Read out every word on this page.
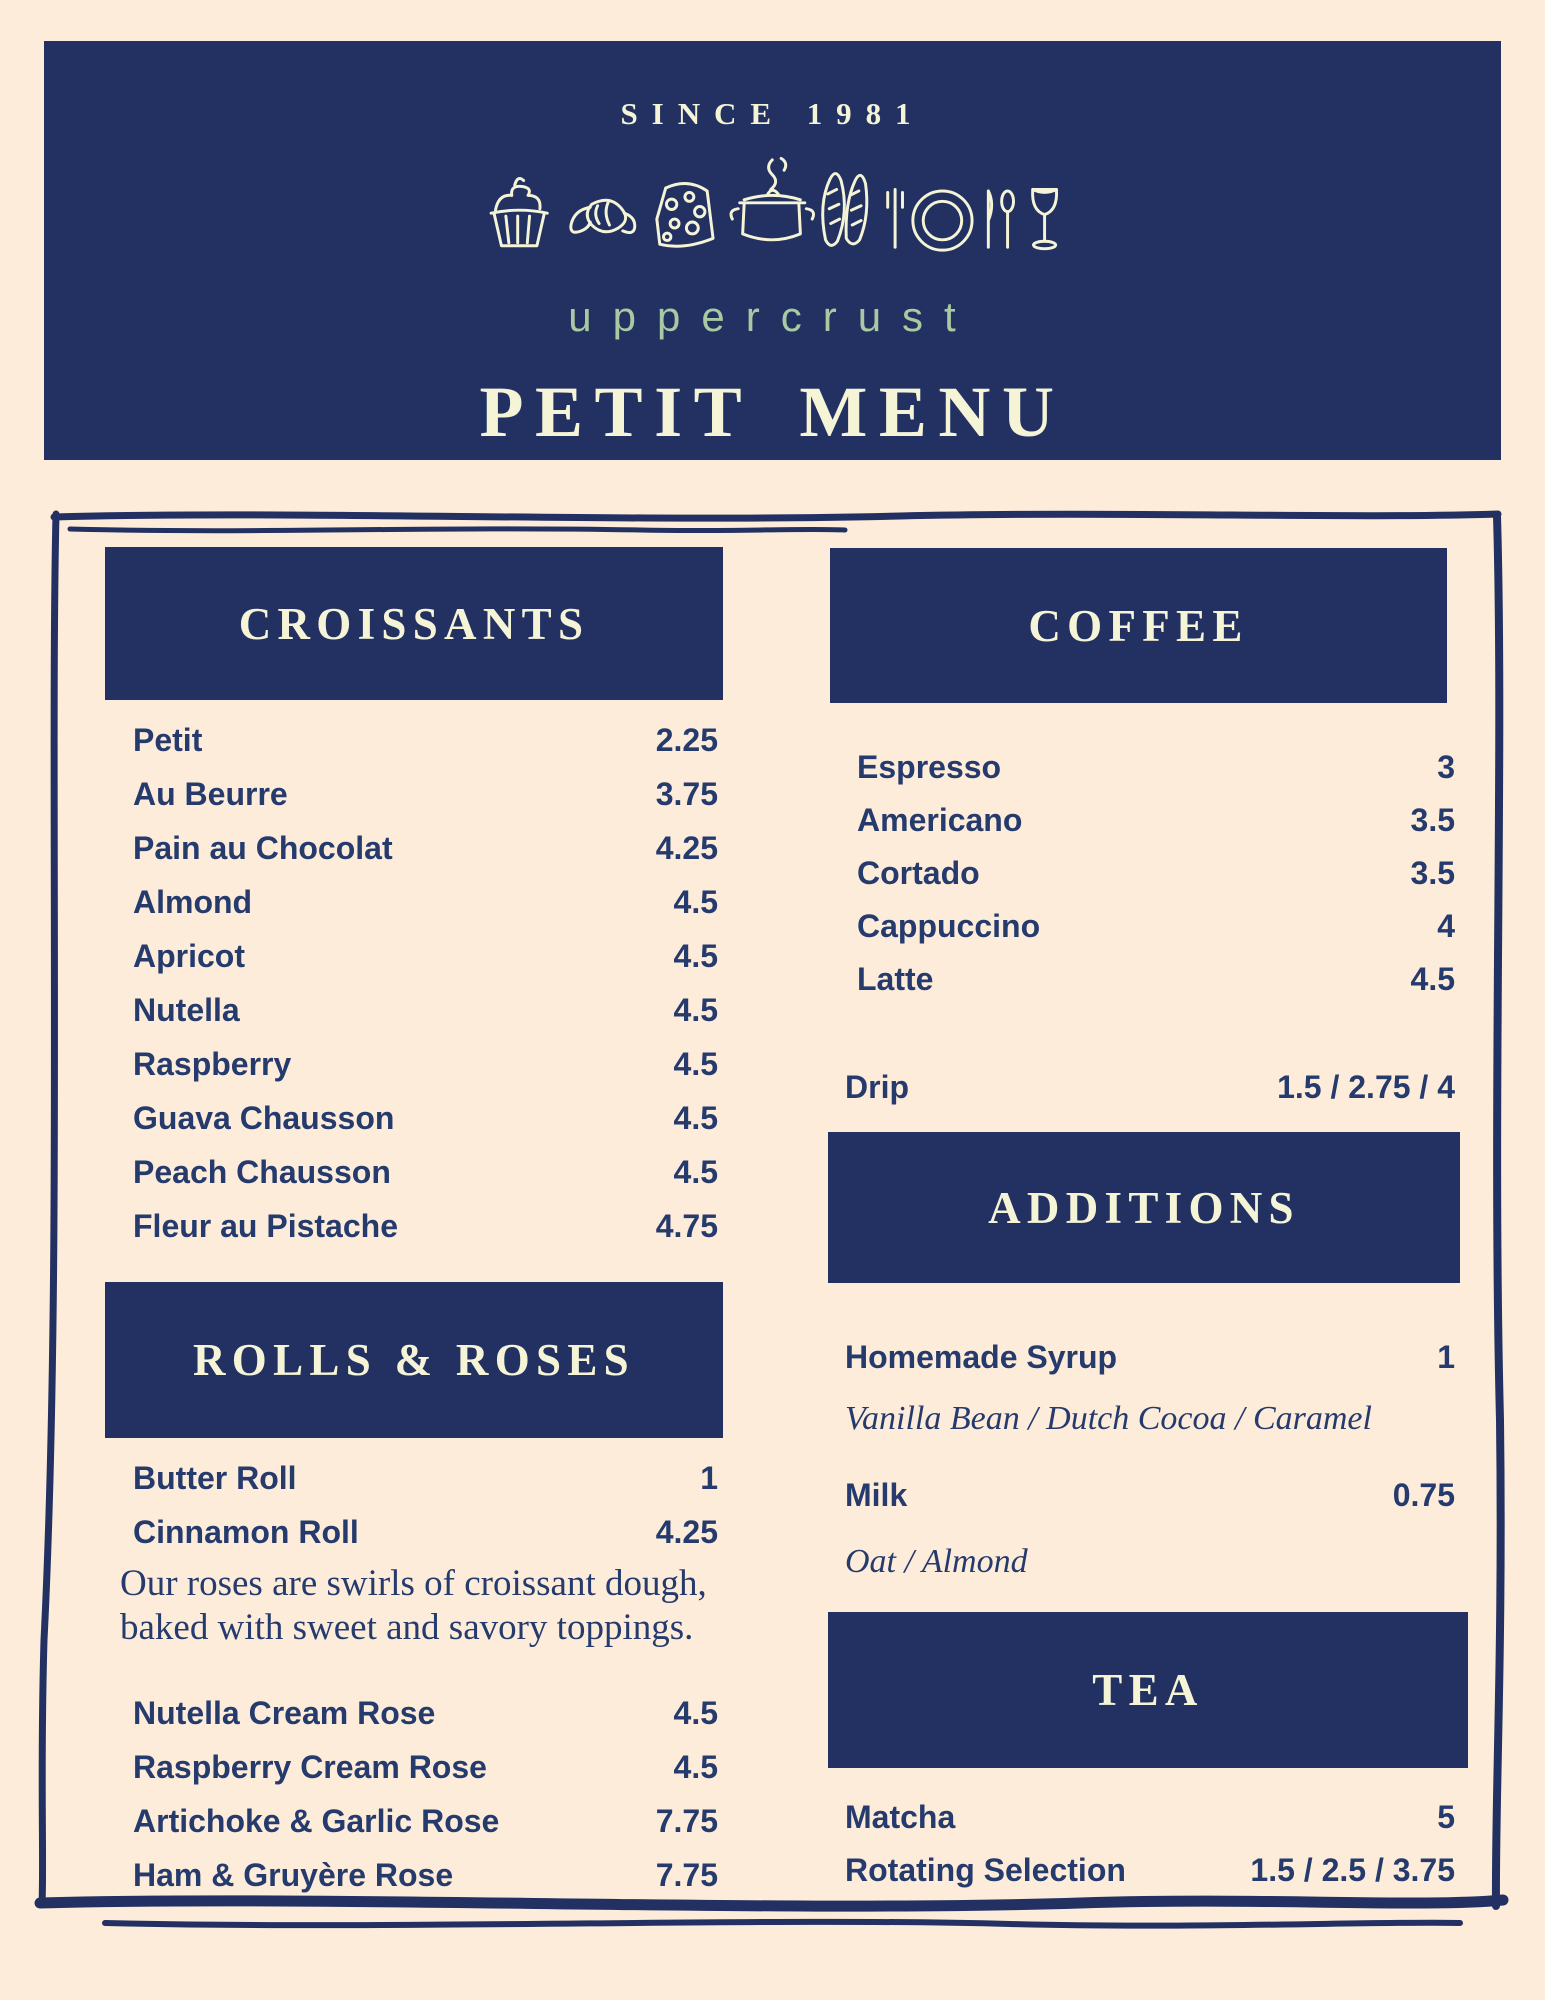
SINCE 1981
uppercrust
PETIT MENU
CROISSANTS
Petit	2.25
Au Beurre	3.75
Pain au Chocolat	4.25
Almond	4.5
Apricot	4.5
Nutella	4.5
Raspberry	4.5
Guava Chausson	4.5
Peach Chausson	4.5
Fleur au Pistache	4.75
ROLLS & ROSES
Butter Roll	1
Cinnamon Roll	4.25
Our roses are swirls of croissant dough, baked with sweet and savory toppings.
Nutella Cream Rose	4.5
Raspberry Cream Rose	4.5
Artichoke & Garlic Rose	7.75
Ham & Gruyère Rose	7.75
COFFEE
Espresso	3
Americano	3.5
Cortado	3.5
Cappuccino	4
Latte	4.5
Drip	1.5 / 2.75 / 4
ADDITIONS
Homemade Syrup	1
Vanilla Bean / Dutch Cocoa / Caramel
Milk	0.75
Oat / Almond
TEA
Matcha	5
Rotating Selection	1.5 / 2.5 / 3.75
